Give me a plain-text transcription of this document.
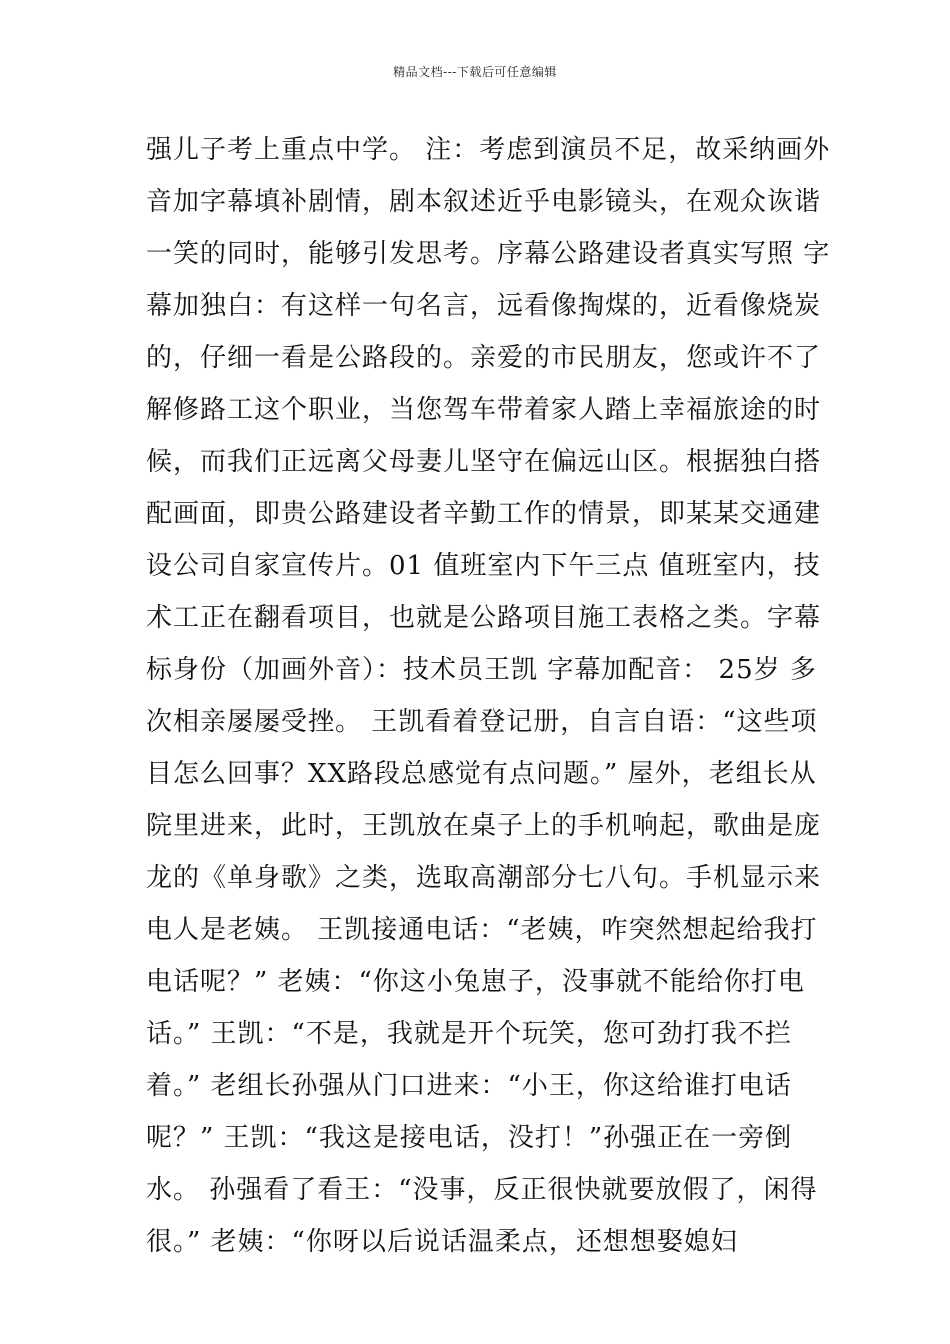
精品文档---下载后可任意编辑
强儿子考上重点中学。 注：考虑到演员不足，故采纳画外
音加字幕填补剧情，剧本叙述近乎电影镜头，在观众诙谐
一笑的同时，能够引发思考。序幕公路建设者真实写照 字
幕加独白：有这样一句名言，远看像掏煤的，近看像烧炭
的，仔细一看是公路段的。亲爱的市民朋友，您或许不了
解修路工这个职业，当您驾车带着家人踏上幸福旅途的时
候，而我们正远离父母妻儿坚守在偏远山区。根据独白搭
配画面，即贵公路建设者辛勤工作的情景，即某某交通建
设公司自家宣传片。01 值班室内下午三点 值班室内，技
术工正在翻看项目，也就是公路项目施工表格之类。字幕
标身份（加画外音）：技术员王凯 字幕加配音： 25岁 多
次相亲屡屡受挫。 王凯看着登记册，自言自语：“这些项
目怎么回事？XX路段总感觉有点问题。” 屋外，老组长从
院里进来，此时，王凯放在桌子上的手机响起，歌曲是庞
龙的《单身歌》之类，选取高潮部分七八句。手机显示来
电人是老姨。 王凯接通电话：“老姨，咋突然想起给我打
电话呢？” 老姨：“你这小兔崽子，没事就不能给你打电
话。” 王凯：“不是，我就是开个玩笑，您可劲打我不拦
着。” 老组长孙强从门口进来：“小王，你这给谁打电话
呢？” 王凯：“我这是接电话，没打！”孙强正在一旁倒
水。 孙强看了看王：“没事，反正很快就要放假了，闲得
很。” 老姨：“你呀以后说话温柔点，还想想娶媳妇
